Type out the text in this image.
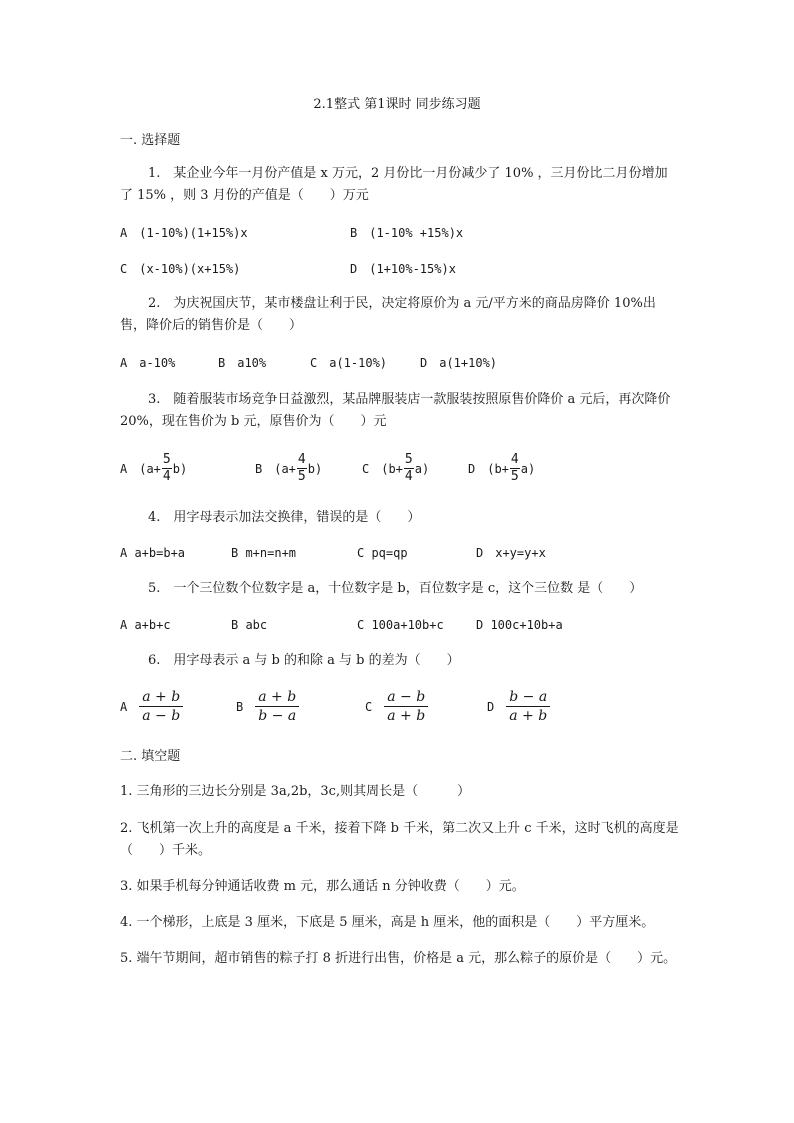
2.1整式 第1课时 同步练习题
一. 选择题
1.　某企业今年一月份产值是 x 万元，2 月份比一月份减少了 10% ，三月份比二月份增加了 15% ，则 3 月份的产值是（　　）万元
A　(1-10%)(1+15%)x	B　(1-10% +15%)x
C　(x-10%)(x+15%)	D　(1+10%-15%)x
2.　为庆祝国庆节，某市楼盘让利于民，决定将原价为 a 元/平方米的商品房降价 10%出售，降价后的销售价是（　　）
A　a-10%	B　a10%	C　a(1-10%)	D　a(1+10%)
3.　随着服装市场竞争日益激烈，某品牌服装店一款服装按照原售价降价 a 元后，再次降价 20%，现在售价为 b 元，原售价为（　　）元
A　$(a+ \frac{5}{4} b)$	B　$(a+ \frac{4}{5} b)$	C　$(b+ \frac{5}{4} a)$	D　$(b+ \frac{4}{5} a)$
4.　用字母表示加法交换律，错误的是（　　）
A a+b=b+a	B m+n=n+m	C pq=qp	D　x+y=y+x
5.　一个三位数个位数字是 a，十位数字是 b，百位数字是 c，这个三位数 是（　　）
A a+b+c	B abc	C 100a+10b+c	D 100c+10b+a
6.　用字母表示 a 与 b 的和除 a 与 b 的差为（　　）
A $\frac{a + b}{a - b}$	B $\frac{a + b}{b - a}$	C $\frac{a - b}{a + b}$	D $\frac{b - a}{a + b}$
二. 填空题
1. 三角形的三边长分别是 3a,2b，3c,则其周长是（　　　）
2. 飞机第一次上升的高度是 a 千米，接着下降 b 千米，第二次又上升 c 千米，这时飞机的高度是（　　）千米。
3. 如果手机每分钟通话收费 m 元，那么通话 n 分钟收费（　　）元。
4. 一个梯形，上底是 3 厘米，下底是 5 厘米，高是 h 厘米，他的面积是（　　）平方厘米。
5. 端午节期间，超市销售的粽子打 8 折进行出售，价格是 a 元，那么粽子的原价是（　　）元。
